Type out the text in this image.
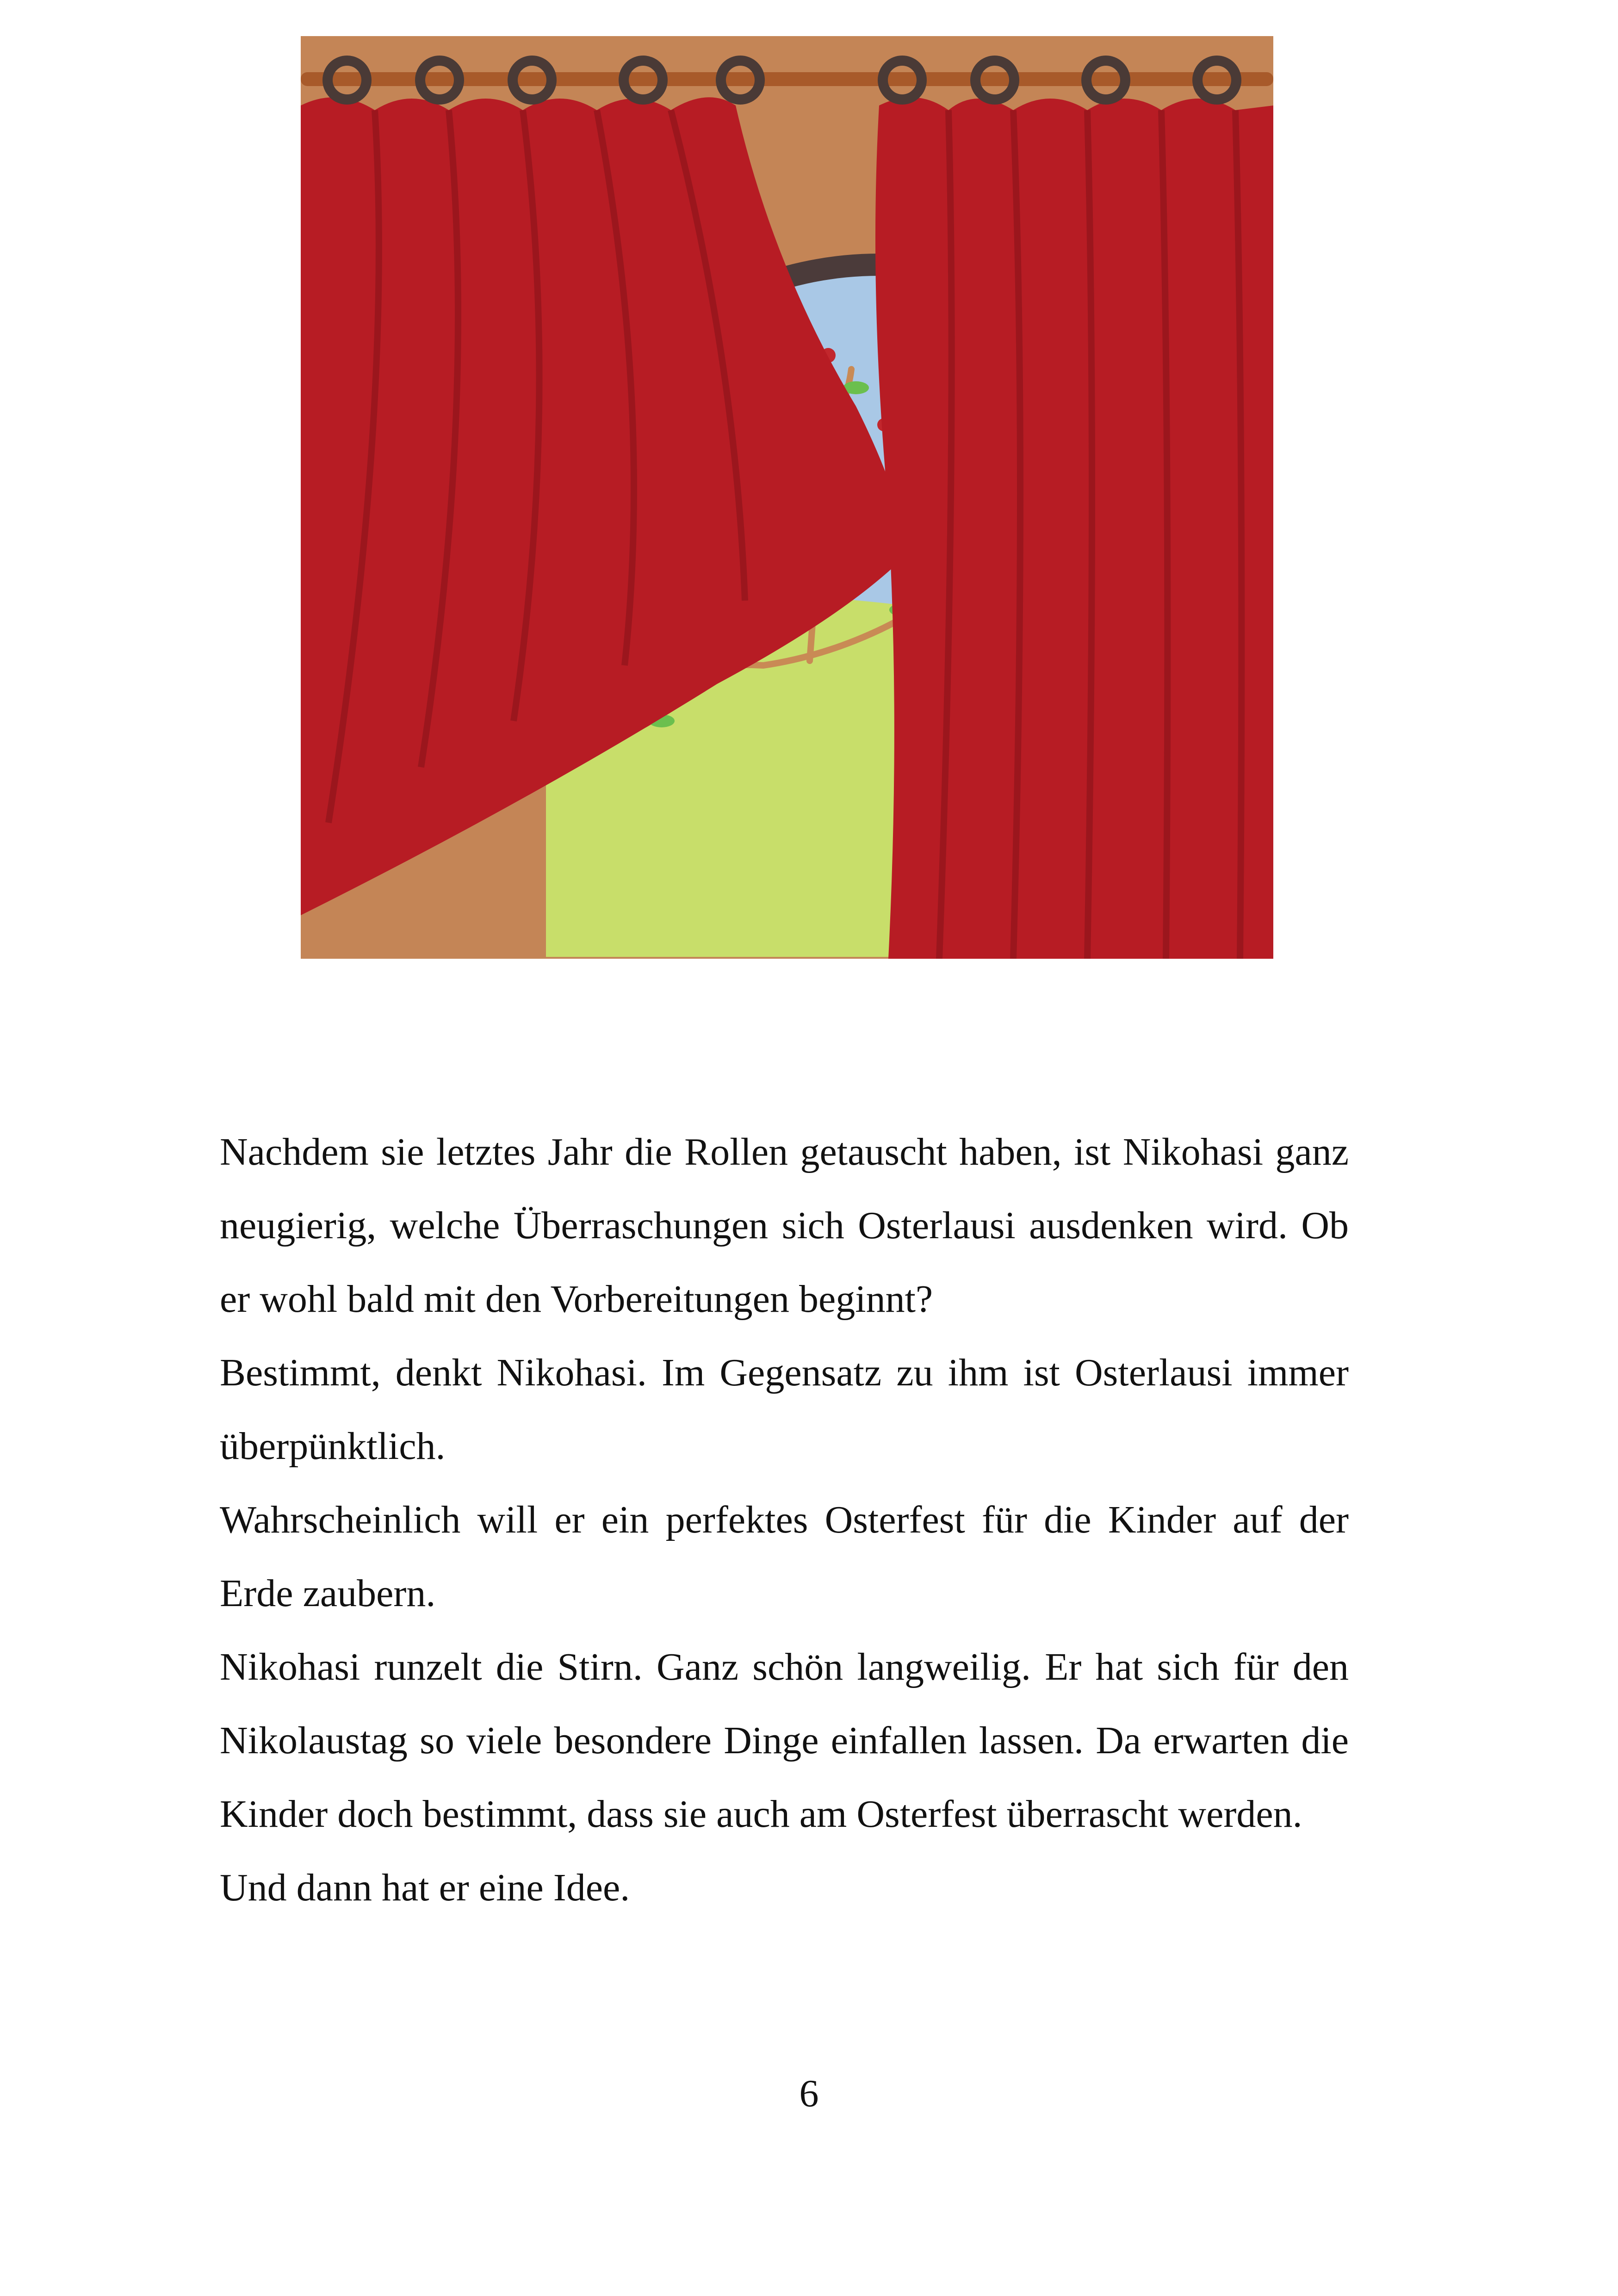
Nachdem sie letztes Jahr die Rollen getauscht haben, ist Nikohasi ganz neugierig, welche Überraschungen sich Osterlausi ausdenken wird. Ob er wohl bald mit den Vorbereitungen beginnt?

Bestimmt, denkt Nikohasi. Im Gegensatz zu ihm ist Osterlausi immer überpünktlich.

Wahrscheinlich will er ein perfektes Osterfest für die Kinder auf der Erde zaubern.

Nikohasi runzelt die Stirn. Ganz schön langweilig. Er hat sich für den Nikolaustag so viele besondere Dinge einfallen lassen. Da erwarten die Kinder doch bestimmt, dass sie auch am Osterfest überrascht werden.

Und dann hat er eine Idee.

6
